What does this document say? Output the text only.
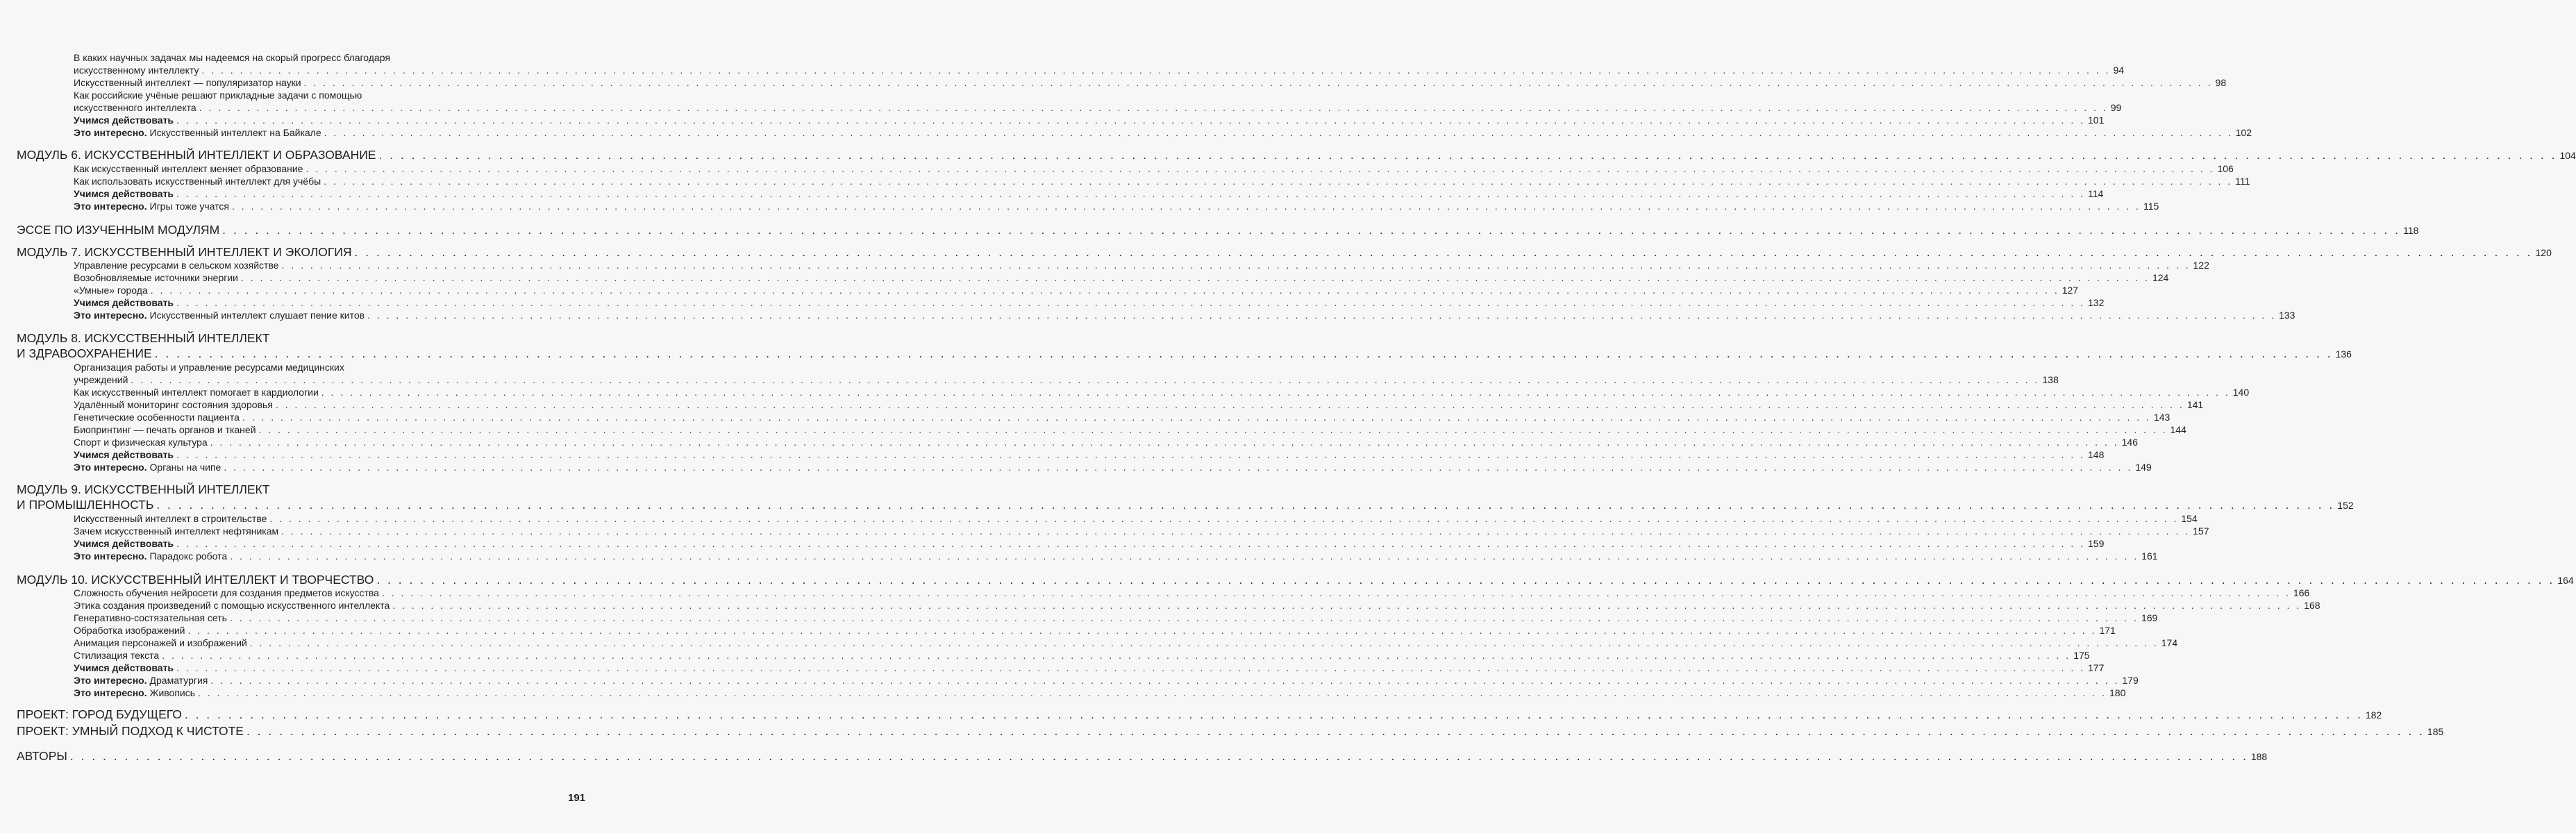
В каких научных задачах мы надеемся на скорый прогресс благодаря
искусственному интеллекту . . . . . . . . . . . . . . . . . . . . . . . . . . . . . . . . . . . . . . . . . . . . . . . . . . . . . . . . . . . . . . . . . . . . . . . . . . . . . . . . . . . . . . . . . . . . . . . . . . . . . . . . . . . . . . . . . . . . . . . . . . . . . . . . . . . . . . . . . . . . . . . . . . . . . . . . . . . . . . . . . . . . . . . . . . . . . . . . . . . . . . . . . . . . . . . . . . . . . . . . 94
Искусственный интеллект — популяризатор науки . . . . . . . . . . . . . . . . . . . . . . . . . . . . . . . . . . . . . . . . . . . . . . . . . . . . . . . . . . . . . . . . . . . . . . . . . . . . . . . . . . . . . . . . . . . . . . . . . . . . . . . . . . . . . . . . . . . . . . . . . . . . . . . . . . . . . . . . . . . . . . . . . . . . . . . . . . . . . . . . . . . . . . . . . . . . . . . . . . . . . . . . . . . . . . . . . . . . . . . . 98
Как российские учёные решают прикладные задачи с помощью
искусственного интеллекта . . . . . . . . . . . . . . . . . . . . . . . . . . . . . . . . . . . . . . . . . . . . . . . . . . . . . . . . . . . . . . . . . . . . . . . . . . . . . . . . . . . . . . . . . . . . . . . . . . . . . . . . . . . . . . . . . . . . . . . . . . . . . . . . . . . . . . . . . . . . . . . . . . . . . . . . . . . . . . . . . . . . . . . . . . . . . . . . . . . . . . . . . . . . . . . . . . . . . . . . 99
Учимся действовать . . . . . . . . . . . . . . . . . . . . . . . . . . . . . . . . . . . . . . . . . . . . . . . . . . . . . . . . . . . . . . . . . . . . . . . . . . . . . . . . . . . . . . . . . . . . . . . . . . . . . . . . . . . . . . . . . . . . . . . . . . . . . . . . . . . . . . . . . . . . . . . . . . . . . . . . . . . . . . . . . . . . . . . . . . . . . . . . . . . . . . . . . . . . . . . . . . . . . . . . 101
Это интересно. Искусственный интеллект на Байкале . . . . . . . . . . . . . . . . . . . . . . . . . . . . . . . . . . . . . . . . . . . . . . . . . . . . . . . . . . . . . . . . . . . . . . . . . . . . . . . . . . . . . . . . . . . . . . . . . . . . . . . . . . . . . . . . . . . . . . . . . . . . . . . . . . . . . . . . . . . . . . . . . . . . . . . . . . . . . . . . . . . . . . . . . . . . . . . . . . . . . . . . . . . . . . . . . . . . . . . . 102
МОДУЛЬ 6. ИСКУССТВЕННЫЙ ИНТЕЛЛЕКТ И ОБРАЗОВАНИЕ . . . . . . . . . . . . . . . . . . . . . . . . . . . . . . . . . . . . . . . . . . . . . . . . . . . . . . . . . . . . . . . . . . . . . . . . . . . . . . . . . . . . . . . . . . . . . . . . . . . . . . . . . . . . . . . . . . . . . . . . . . . . . . . . . . . . . . . . . . . . . . . . . . . . . . . . . . . . . . . . . . . . . . . . . . . . . . . . . . . . . . . . . . . . . . . . . . . . . . . . 104
Как искусственный интеллект меняет образование . . . . . . . . . . . . . . . . . . . . . . . . . . . . . . . . . . . . . . . . . . . . . . . . . . . . . . . . . . . . . . . . . . . . . . . . . . . . . . . . . . . . . . . . . . . . . . . . . . . . . . . . . . . . . . . . . . . . . . . . . . . . . . . . . . . . . . . . . . . . . . . . . . . . . . . . . . . . . . . . . . . . . . . . . . . . . . . . . . . . . . . . . . . . . . . . . . . . . . . . 106
Как использовать искусственный интеллект для учёбы . . . . . . . . . . . . . . . . . . . . . . . . . . . . . . . . . . . . . . . . . . . . . . . . . . . . . . . . . . . . . . . . . . . . . . . . . . . . . . . . . . . . . . . . . . . . . . . . . . . . . . . . . . . . . . . . . . . . . . . . . . . . . . . . . . . . . . . . . . . . . . . . . . . . . . . . . . . . . . . . . . . . . . . . . . . . . . . . . . . . . . . . . . . . . . . . . . . . . . . . 111
Учимся действовать . . . . . . . . . . . . . . . . . . . . . . . . . . . . . . . . . . . . . . . . . . . . . . . . . . . . . . . . . . . . . . . . . . . . . . . . . . . . . . . . . . . . . . . . . . . . . . . . . . . . . . . . . . . . . . . . . . . . . . . . . . . . . . . . . . . . . . . . . . . . . . . . . . . . . . . . . . . . . . . . . . . . . . . . . . . . . . . . . . . . . . . . . . . . . . . . . . . . . . . . 114
Это интересно. Игры тоже учатся . . . . . . . . . . . . . . . . . . . . . . . . . . . . . . . . . . . . . . . . . . . . . . . . . . . . . . . . . . . . . . . . . . . . . . . . . . . . . . . . . . . . . . . . . . . . . . . . . . . . . . . . . . . . . . . . . . . . . . . . . . . . . . . . . . . . . . . . . . . . . . . . . . . . . . . . . . . . . . . . . . . . . . . . . . . . . . . . . . . . . . . . . . . . . . . . . . . . . . . . 115
ЭССЕ ПО ИЗУЧЕННЫМ МОДУЛЯМ . . . . . . . . . . . . . . . . . . . . . . . . . . . . . . . . . . . . . . . . . . . . . . . . . . . . . . . . . . . . . . . . . . . . . . . . . . . . . . . . . . . . . . . . . . . . . . . . . . . . . . . . . . . . . . . . . . . . . . . . . . . . . . . . . . . . . . . . . . . . . . . . . . . . . . . . . . . . . . . . . . . . . . . . . . . . . . . . . . . . . . . . . . . . . . . . . . . . . . . . 118
МОДУЛЬ 7. ИСКУССТВЕННЫЙ ИНТЕЛЛЕКТ И ЭКОЛОГИЯ . . . . . . . . . . . . . . . . . . . . . . . . . . . . . . . . . . . . . . . . . . . . . . . . . . . . . . . . . . . . . . . . . . . . . . . . . . . . . . . . . . . . . . . . . . . . . . . . . . . . . . . . . . . . . . . . . . . . . . . . . . . . . . . . . . . . . . . . . . . . . . . . . . . . . . . . . . . . . . . . . . . . . . . . . . . . . . . . . . . . . . . . . . . . . . . . . . . . . . . . 120
Управление ресурсами в сельском хозяйстве . . . . . . . . . . . . . . . . . . . . . . . . . . . . . . . . . . . . . . . . . . . . . . . . . . . . . . . . . . . . . . . . . . . . . . . . . . . . . . . . . . . . . . . . . . . . . . . . . . . . . . . . . . . . . . . . . . . . . . . . . . . . . . . . . . . . . . . . . . . . . . . . . . . . . . . . . . . . . . . . . . . . . . . . . . . . . . . . . . . . . . . . . . . . . . . . . . . . . . . . 122
Возобновляемые источники энергии . . . . . . . . . . . . . . . . . . . . . . . . . . . . . . . . . . . . . . . . . . . . . . . . . . . . . . . . . . . . . . . . . . . . . . . . . . . . . . . . . . . . . . . . . . . . . . . . . . . . . . . . . . . . . . . . . . . . . . . . . . . . . . . . . . . . . . . . . . . . . . . . . . . . . . . . . . . . . . . . . . . . . . . . . . . . . . . . . . . . . . . . . . . . . . . . . . . . . . . . 124
«Умные» города . . . . . . . . . . . . . . . . . . . . . . . . . . . . . . . . . . . . . . . . . . . . . . . . . . . . . . . . . . . . . . . . . . . . . . . . . . . . . . . . . . . . . . . . . . . . . . . . . . . . . . . . . . . . . . . . . . . . . . . . . . . . . . . . . . . . . . . . . . . . . . . . . . . . . . . . . . . . . . . . . . . . . . . . . . . . . . . . . . . . . . . . . . . . . . . . . . . . . . . . 127
Учимся действовать . . . . . . . . . . . . . . . . . . . . . . . . . . . . . . . . . . . . . . . . . . . . . . . . . . . . . . . . . . . . . . . . . . . . . . . . . . . . . . . . . . . . . . . . . . . . . . . . . . . . . . . . . . . . . . . . . . . . . . . . . . . . . . . . . . . . . . . . . . . . . . . . . . . . . . . . . . . . . . . . . . . . . . . . . . . . . . . . . . . . . . . . . . . . . . . . . . . . . . . . 132
Это интересно. Искусственный интеллект слушает пение китов . . . . . . . . . . . . . . . . . . . . . . . . . . . . . . . . . . . . . . . . . . . . . . . . . . . . . . . . . . . . . . . . . . . . . . . . . . . . . . . . . . . . . . . . . . . . . . . . . . . . . . . . . . . . . . . . . . . . . . . . . . . . . . . . . . . . . . . . . . . . . . . . . . . . . . . . . . . . . . . . . . . . . . . . . . . . . . . . . . . . . . . . . . . . . . . . . . . . . . . . 133
МОДУЛЬ 8. ИСКУССТВЕННЫЙ ИНТЕЛЛЕКТ
И ЗДРАВООХРАНЕНИЕ . . . . . . . . . . . . . . . . . . . . . . . . . . . . . . . . . . . . . . . . . . . . . . . . . . . . . . . . . . . . . . . . . . . . . . . . . . . . . . . . . . . . . . . . . . . . . . . . . . . . . . . . . . . . . . . . . . . . . . . . . . . . . . . . . . . . . . . . . . . . . . . . . . . . . . . . . . . . . . . . . . . . . . . . . . . . . . . . . . . . . . . . . . . . . . . . . . . . . . . . 136
Организация работы и управление ресурсами медицинских
учреждений . . . . . . . . . . . . . . . . . . . . . . . . . . . . . . . . . . . . . . . . . . . . . . . . . . . . . . . . . . . . . . . . . . . . . . . . . . . . . . . . . . . . . . . . . . . . . . . . . . . . . . . . . . . . . . . . . . . . . . . . . . . . . . . . . . . . . . . . . . . . . . . . . . . . . . . . . . . . . . . . . . . . . . . . . . . . . . . . . . . . . . . . . . . . . . . . . . . . . . . . 138
Как искусственный интеллект помогает в кардиологии . . . . . . . . . . . . . . . . . . . . . . . . . . . . . . . . . . . . . . . . . . . . . . . . . . . . . . . . . . . . . . . . . . . . . . . . . . . . . . . . . . . . . . . . . . . . . . . . . . . . . . . . . . . . . . . . . . . . . . . . . . . . . . . . . . . . . . . . . . . . . . . . . . . . . . . . . . . . . . . . . . . . . . . . . . . . . . . . . . . . . . . . . . . . . . . . . . . . . . . . 140
Удалённый мониторинг состояния здоровья . . . . . . . . . . . . . . . . . . . . . . . . . . . . . . . . . . . . . . . . . . . . . . . . . . . . . . . . . . . . . . . . . . . . . . . . . . . . . . . . . . . . . . . . . . . . . . . . . . . . . . . . . . . . . . . . . . . . . . . . . . . . . . . . . . . . . . . . . . . . . . . . . . . . . . . . . . . . . . . . . . . . . . . . . . . . . . . . . . . . . . . . . . . . . . . . . . . . . . . . 141
Генетические особенности пациента . . . . . . . . . . . . . . . . . . . . . . . . . . . . . . . . . . . . . . . . . . . . . . . . . . . . . . . . . . . . . . . . . . . . . . . . . . . . . . . . . . . . . . . . . . . . . . . . . . . . . . . . . . . . . . . . . . . . . . . . . . . . . . . . . . . . . . . . . . . . . . . . . . . . . . . . . . . . . . . . . . . . . . . . . . . . . . . . . . . . . . . . . . . . . . . . . . . . . . . . 143
Биопринтинг — печать органов и тканей . . . . . . . . . . . . . . . . . . . . . . . . . . . . . . . . . . . . . . . . . . . . . . . . . . . . . . . . . . . . . . . . . . . . . . . . . . . . . . . . . . . . . . . . . . . . . . . . . . . . . . . . . . . . . . . . . . . . . . . . . . . . . . . . . . . . . . . . . . . . . . . . . . . . . . . . . . . . . . . . . . . . . . . . . . . . . . . . . . . . . . . . . . . . . . . . . . . . . . . . 144
Спорт и физическая культура . . . . . . . . . . . . . . . . . . . . . . . . . . . . . . . . . . . . . . . . . . . . . . . . . . . . . . . . . . . . . . . . . . . . . . . . . . . . . . . . . . . . . . . . . . . . . . . . . . . . . . . . . . . . . . . . . . . . . . . . . . . . . . . . . . . . . . . . . . . . . . . . . . . . . . . . . . . . . . . . . . . . . . . . . . . . . . . . . . . . . . . . . . . . . . . . . . . . . . . . 146
Учимся действовать . . . . . . . . . . . . . . . . . . . . . . . . . . . . . . . . . . . . . . . . . . . . . . . . . . . . . . . . . . . . . . . . . . . . . . . . . . . . . . . . . . . . . . . . . . . . . . . . . . . . . . . . . . . . . . . . . . . . . . . . . . . . . . . . . . . . . . . . . . . . . . . . . . . . . . . . . . . . . . . . . . . . . . . . . . . . . . . . . . . . . . . . . . . . . . . . . . . . . . . . 148
Это интересно. Органы на чипе . . . . . . . . . . . . . . . . . . . . . . . . . . . . . . . . . . . . . . . . . . . . . . . . . . . . . . . . . . . . . . . . . . . . . . . . . . . . . . . . . . . . . . . . . . . . . . . . . . . . . . . . . . . . . . . . . . . . . . . . . . . . . . . . . . . . . . . . . . . . . . . . . . . . . . . . . . . . . . . . . . . . . . . . . . . . . . . . . . . . . . . . . . . . . . . . . . . . . . . . 149
МОДУЛЬ 9. ИСКУССТВЕННЫЙ ИНТЕЛЛЕКТ
И ПРОМЫШЛЕННОСТЬ . . . . . . . . . . . . . . . . . . . . . . . . . . . . . . . . . . . . . . . . . . . . . . . . . . . . . . . . . . . . . . . . . . . . . . . . . . . . . . . . . . . . . . . . . . . . . . . . . . . . . . . . . . . . . . . . . . . . . . . . . . . . . . . . . . . . . . . . . . . . . . . . . . . . . . . . . . . . . . . . . . . . . . . . . . . . . . . . . . . . . . . . . . . . . . . . . . . . . . . . 152
Искусственный интеллект в строительстве . . . . . . . . . . . . . . . . . . . . . . . . . . . . . . . . . . . . . . . . . . . . . . . . . . . . . . . . . . . . . . . . . . . . . . . . . . . . . . . . . . . . . . . . . . . . . . . . . . . . . . . . . . . . . . . . . . . . . . . . . . . . . . . . . . . . . . . . . . . . . . . . . . . . . . . . . . . . . . . . . . . . . . . . . . . . . . . . . . . . . . . . . . . . . . . . . . . . . . . . 154
Зачем искусственный интеллект нефтяникам . . . . . . . . . . . . . . . . . . . . . . . . . . . . . . . . . . . . . . . . . . . . . . . . . . . . . . . . . . . . . . . . . . . . . . . . . . . . . . . . . . . . . . . . . . . . . . . . . . . . . . . . . . . . . . . . . . . . . . . . . . . . . . . . . . . . . . . . . . . . . . . . . . . . . . . . . . . . . . . . . . . . . . . . . . . . . . . . . . . . . . . . . . . . . . . . . . . . . . . . 157
Учимся действовать . . . . . . . . . . . . . . . . . . . . . . . . . . . . . . . . . . . . . . . . . . . . . . . . . . . . . . . . . . . . . . . . . . . . . . . . . . . . . . . . . . . . . . . . . . . . . . . . . . . . . . . . . . . . . . . . . . . . . . . . . . . . . . . . . . . . . . . . . . . . . . . . . . . . . . . . . . . . . . . . . . . . . . . . . . . . . . . . . . . . . . . . . . . . . . . . . . . . . . . . 159
Это интересно. Парадокс робота . . . . . . . . . . . . . . . . . . . . . . . . . . . . . . . . . . . . . . . . . . . . . . . . . . . . . . . . . . . . . . . . . . . . . . . . . . . . . . . . . . . . . . . . . . . . . . . . . . . . . . . . . . . . . . . . . . . . . . . . . . . . . . . . . . . . . . . . . . . . . . . . . . . . . . . . . . . . . . . . . . . . . . . . . . . . . . . . . . . . . . . . . . . . . . . . . . . . . . . . 161
МОДУЛЬ 10. ИСКУССТВЕННЫЙ ИНТЕЛЛЕКТ И ТВОРЧЕСТВО . . . . . . . . . . . . . . . . . . . . . . . . . . . . . . . . . . . . . . . . . . . . . . . . . . . . . . . . . . . . . . . . . . . . . . . . . . . . . . . . . . . . . . . . . . . . . . . . . . . . . . . . . . . . . . . . . . . . . . . . . . . . . . . . . . . . . . . . . . . . . . . . . . . . . . . . . . . . . . . . . . . . . . . . . . . . . . . . . . . . . . . . . . . . . . . . . . . . . . . . 164
Сложность обучения нейросети для создания предметов искусства . . . . . . . . . . . . . . . . . . . . . . . . . . . . . . . . . . . . . . . . . . . . . . . . . . . . . . . . . . . . . . . . . . . . . . . . . . . . . . . . . . . . . . . . . . . . . . . . . . . . . . . . . . . . . . . . . . . . . . . . . . . . . . . . . . . . . . . . . . . . . . . . . . . . . . . . . . . . . . . . . . . . . . . . . . . . . . . . . . . . . . . . . . . . . . . . . . . . . . . . 166
Этика создания произведений с помощью искусственного интеллекта . . . . . . . . . . . . . . . . . . . . . . . . . . . . . . . . . . . . . . . . . . . . . . . . . . . . . . . . . . . . . . . . . . . . . . . . . . . . . . . . . . . . . . . . . . . . . . . . . . . . . . . . . . . . . . . . . . . . . . . . . . . . . . . . . . . . . . . . . . . . . . . . . . . . . . . . . . . . . . . . . . . . . . . . . . . . . . . . . . . . . . . . . . . . . . . . . . . . . . . . 168
Генеративно-состязательная сеть . . . . . . . . . . . . . . . . . . . . . . . . . . . . . . . . . . . . . . . . . . . . . . . . . . . . . . . . . . . . . . . . . . . . . . . . . . . . . . . . . . . . . . . . . . . . . . . . . . . . . . . . . . . . . . . . . . . . . . . . . . . . . . . . . . . . . . . . . . . . . . . . . . . . . . . . . . . . . . . . . . . . . . . . . . . . . . . . . . . . . . . . . . . . . . . . . . . . . . . . 169
Обработка изображений . . . . . . . . . . . . . . . . . . . . . . . . . . . . . . . . . . . . . . . . . . . . . . . . . . . . . . . . . . . . . . . . . . . . . . . . . . . . . . . . . . . . . . . . . . . . . . . . . . . . . . . . . . . . . . . . . . . . . . . . . . . . . . . . . . . . . . . . . . . . . . . . . . . . . . . . . . . . . . . . . . . . . . . . . . . . . . . . . . . . . . . . . . . . . . . . . . . . . . . . 171
Анимация персонажей и изображений . . . . . . . . . . . . . . . . . . . . . . . . . . . . . . . . . . . . . . . . . . . . . . . . . . . . . . . . . . . . . . . . . . . . . . . . . . . . . . . . . . . . . . . . . . . . . . . . . . . . . . . . . . . . . . . . . . . . . . . . . . . . . . . . . . . . . . . . . . . . . . . . . . . . . . . . . . . . . . . . . . . . . . . . . . . . . . . . . . . . . . . . . . . . . . . . . . . . . . . . 174
Стилизация текста . . . . . . . . . . . . . . . . . . . . . . . . . . . . . . . . . . . . . . . . . . . . . . . . . . . . . . . . . . . . . . . . . . . . . . . . . . . . . . . . . . . . . . . . . . . . . . . . . . . . . . . . . . . . . . . . . . . . . . . . . . . . . . . . . . . . . . . . . . . . . . . . . . . . . . . . . . . . . . . . . . . . . . . . . . . . . . . . . . . . . . . . . . . . . . . . . . . . . . . . 175
Учимся действовать . . . . . . . . . . . . . . . . . . . . . . . . . . . . . . . . . . . . . . . . . . . . . . . . . . . . . . . . . . . . . . . . . . . . . . . . . . . . . . . . . . . . . . . . . . . . . . . . . . . . . . . . . . . . . . . . . . . . . . . . . . . . . . . . . . . . . . . . . . . . . . . . . . . . . . . . . . . . . . . . . . . . . . . . . . . . . . . . . . . . . . . . . . . . . . . . . . . . . . . . 177
Это интересно. Драматургия . . . . . . . . . . . . . . . . . . . . . . . . . . . . . . . . . . . . . . . . . . . . . . . . . . . . . . . . . . . . . . . . . . . . . . . . . . . . . . . . . . . . . . . . . . . . . . . . . . . . . . . . . . . . . . . . . . . . . . . . . . . . . . . . . . . . . . . . . . . . . . . . . . . . . . . . . . . . . . . . . . . . . . . . . . . . . . . . . . . . . . . . . . . . . . . . . . . . . . . . 179
Это интересно. Живопись . . . . . . . . . . . . . . . . . . . . . . . . . . . . . . . . . . . . . . . . . . . . . . . . . . . . . . . . . . . . . . . . . . . . . . . . . . . . . . . . . . . . . . . . . . . . . . . . . . . . . . . . . . . . . . . . . . . . . . . . . . . . . . . . . . . . . . . . . . . . . . . . . . . . . . . . . . . . . . . . . . . . . . . . . . . . . . . . . . . . . . . . . . . . . . . . . . . . . . . . 180
ПРОЕКТ: ГОРОД БУДУЩЕГО . . . . . . . . . . . . . . . . . . . . . . . . . . . . . . . . . . . . . . . . . . . . . . . . . . . . . . . . . . . . . . . . . . . . . . . . . . . . . . . . . . . . . . . . . . . . . . . . . . . . . . . . . . . . . . . . . . . . . . . . . . . . . . . . . . . . . . . . . . . . . . . . . . . . . . . . . . . . . . . . . . . . . . . . . . . . . . . . . . . . . . . . . . . . . . . . . . . . . . . . 182
ПРОЕКТ: УМНЫЙ ПОДХОД К ЧИСТОТЕ . . . . . . . . . . . . . . . . . . . . . . . . . . . . . . . . . . . . . . . . . . . . . . . . . . . . . . . . . . . . . . . . . . . . . . . . . . . . . . . . . . . . . . . . . . . . . . . . . . . . . . . . . . . . . . . . . . . . . . . . . . . . . . . . . . . . . . . . . . . . . . . . . . . . . . . . . . . . . . . . . . . . . . . . . . . . . . . . . . . . . . . . . . . . . . . . . . . . . . . . 185
АВТОРЫ . . . . . . . . . . . . . . . . . . . . . . . . . . . . . . . . . . . . . . . . . . . . . . . . . . . . . . . . . . . . . . . . . . . . . . . . . . . . . . . . . . . . . . . . . . . . . . . . . . . . . . . . . . . . . . . . . . . . . . . . . . . . . . . . . . . . . . . . . . . . . . . . . . . . . . . . . . . . . . . . . . . . . . . . . . . . . . . . . . . . . . . . . . . . . . . . . . . . . . . . 188
191
